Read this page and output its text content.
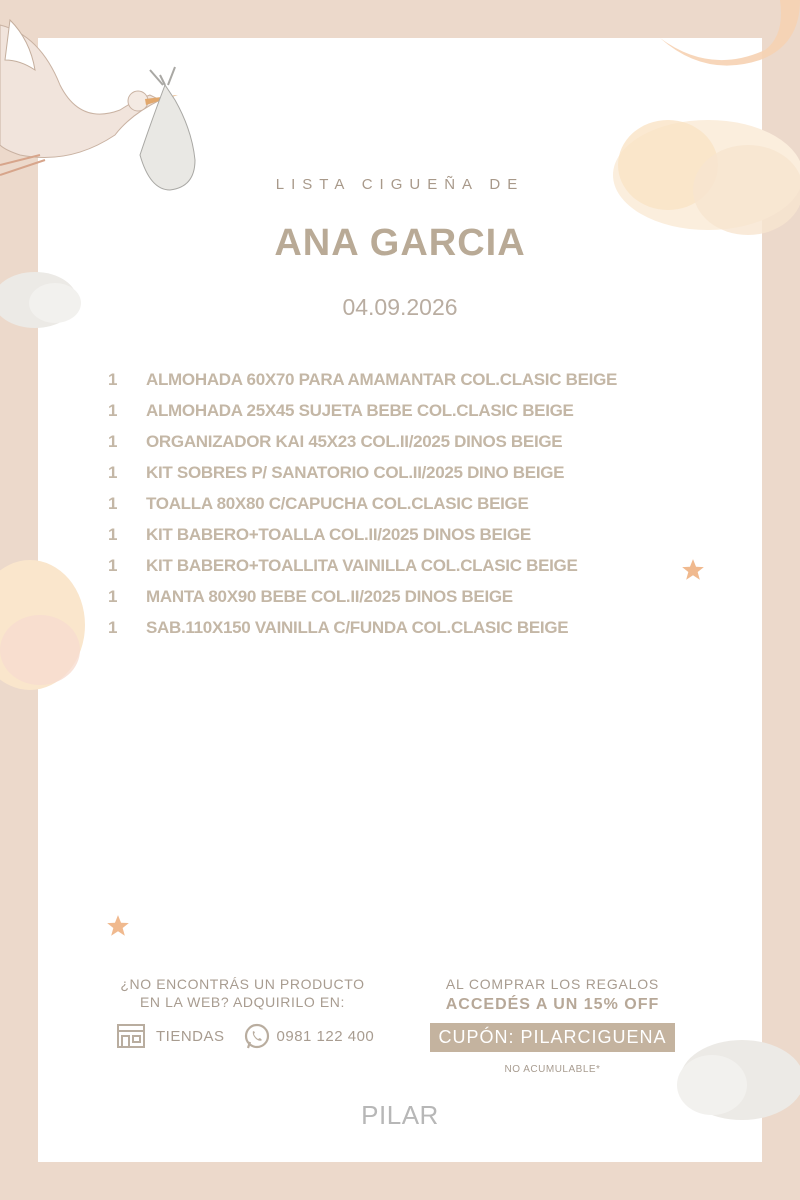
LISTA CIGUEÑA DE
ANA GARCIA
04.09.2026
1	ALMOHADA 60X70 PARA AMAMANTAR COL.CLASIC BEIGE
1	ALMOHADA 25X45 SUJETA BEBE COL.CLASIC BEIGE
1	ORGANIZADOR KAI 45X23 COL.II/2025 DINOS BEIGE
1	KIT SOBRES P/ SANATORIO COL.II/2025 DINO BEIGE
1	TOALLA 80X80 C/CAPUCHA COL.CLASIC BEIGE
1	KIT BABERO+TOALLA COL.II/2025 DINOS BEIGE
1	KIT BABERO+TOALLITA VAINILLA COL.CLASIC BEIGE
1	MANTA 80X90 BEBE COL.II/2025 DINOS BEIGE
1	SAB.110X150 VAINILLA C/FUNDA COL.CLASIC BEIGE
¿NO ENCONTRÁS UN PRODUCTO
EN LA WEB? ADQUIRILO EN:
TIENDAS	0981 122 400
AL COMPRAR LOS REGALOS
ACCEDÉS A UN 15% OFF
CUPÓN: PILARCIGUENA
NO ACUMULABLE*
PILAR
